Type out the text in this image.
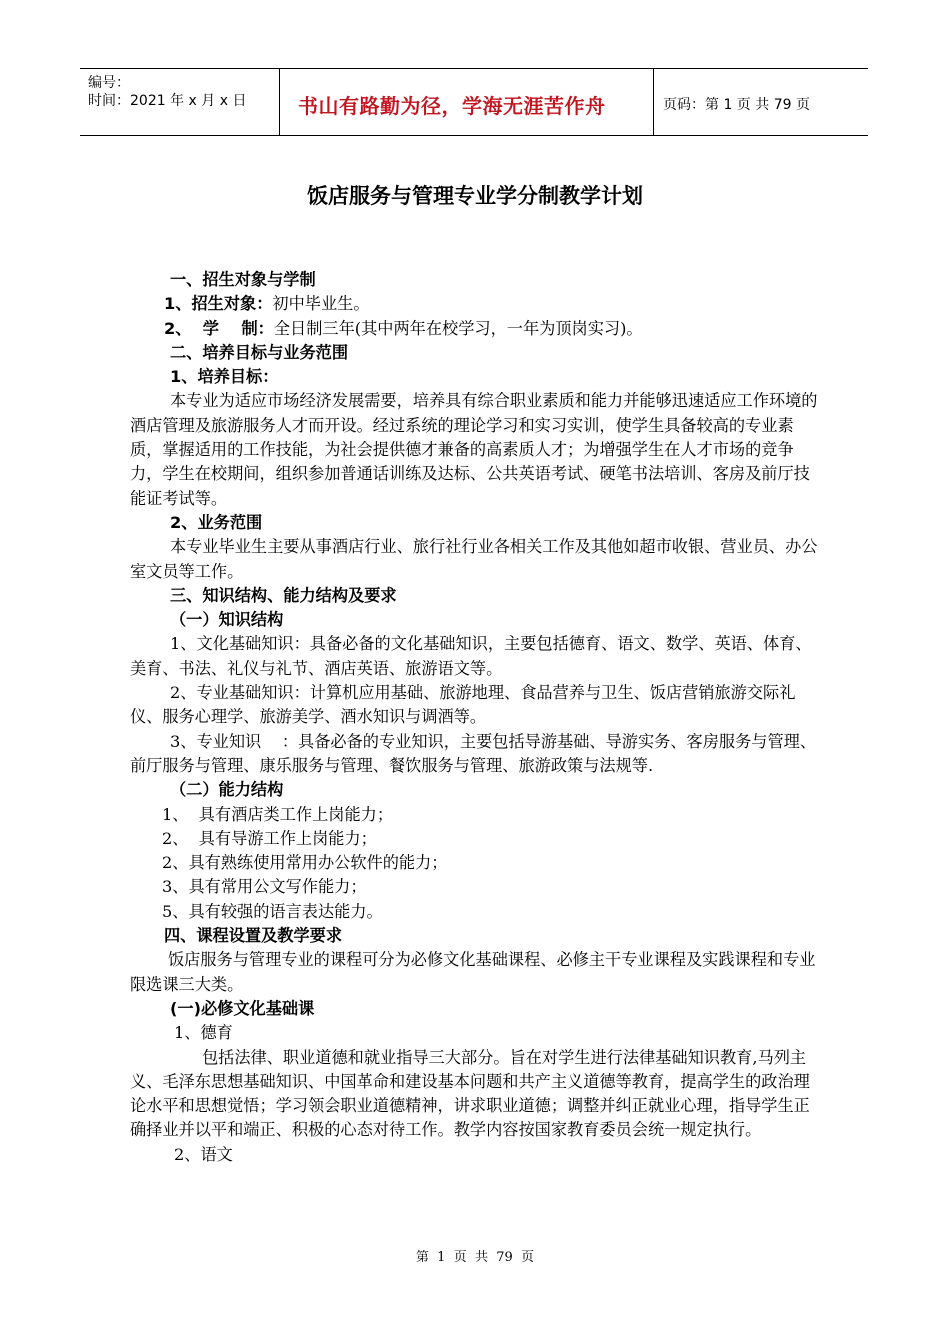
编号：
时间：2021 年 x 月 x 日	书山有路勤为径，学海无涯苦作舟	页码：第 1 页 共 79 页
饭店服务与管理专业学分制教学计划

一、招生对象与学制

1、招生对象：初中毕业生。

2、  学    制：全日制三年(其中两年在校学习，一年为顶岗实习)。

二、培养目标与业务范围

1、培养目标：

本专业为适应市场经济发展需要，培养具有综合职业素质和能力并能够迅速适应工作环境的酒店管理及旅游服务人才而开设。经过系统的理论学习和实习实训，使学生具备较高的专业素质，掌握适用的工作技能，为社会提供德才兼备的高素质人才；为增强学生在人才市场的竞争力，学生在校期间，组织参加普通话训练及达标、公共英语考试、硬笔书法培训、客房及前厅技能证考试等。

2、业务范围

本专业毕业生主要从事酒店行业、旅行社行业各相关工作及其他如超市收银、营业员、办公室文员等工作。

三、知识结构、能力结构及要求

（一）知识结构

1、文化基础知识：具备必备的文化基础知识，主要包括德育、语文、数学、英语、体育、美育、书法、礼仪与礼节、酒店英语、旅游语文等。

2、专业基础知识：计算机应用基础、旅游地理、食品营养与卫生、饭店营销旅游交际礼仪、服务心理学、旅游美学、酒水知识与调酒等。

3、专业知识    ：具备必备的专业知识，主要包括导游基础、导游实务、客房服务与管理、前厅服务与管理、康乐服务与管理、餐饮服务与管理、旅游政策与法规等.

（二）能力结构

1、  具有酒店类工作上岗能力；

2、  具有导游工作上岗能力；

2、具有熟练使用常用办公软件的能力；

3、具有常用公文写作能力；

5、具有较强的语言表达能力。

四、课程设置及教学要求

饭店服务与管理专业的课程可分为必修文化基础课程、必修主干专业课程及实践课程和专业限选课三大类。

(一)必修文化基础课

1、德育

包括法律、职业道德和就业指导三大部分。旨在对学生进行法律基础知识教育,马列主义、毛泽东思想基础知识、中国革命和建设基本问题和共产主义道德等教育，提高学生的政治理论水平和思想觉悟；学习领会职业道德精神，讲求职业道德；调整并纠正就业心理，指导学生正确择业并以平和端正、积极的心态对待工作。教学内容按国家教育委员会统一规定执行。

2、语文

第  1  页  共  79  页
